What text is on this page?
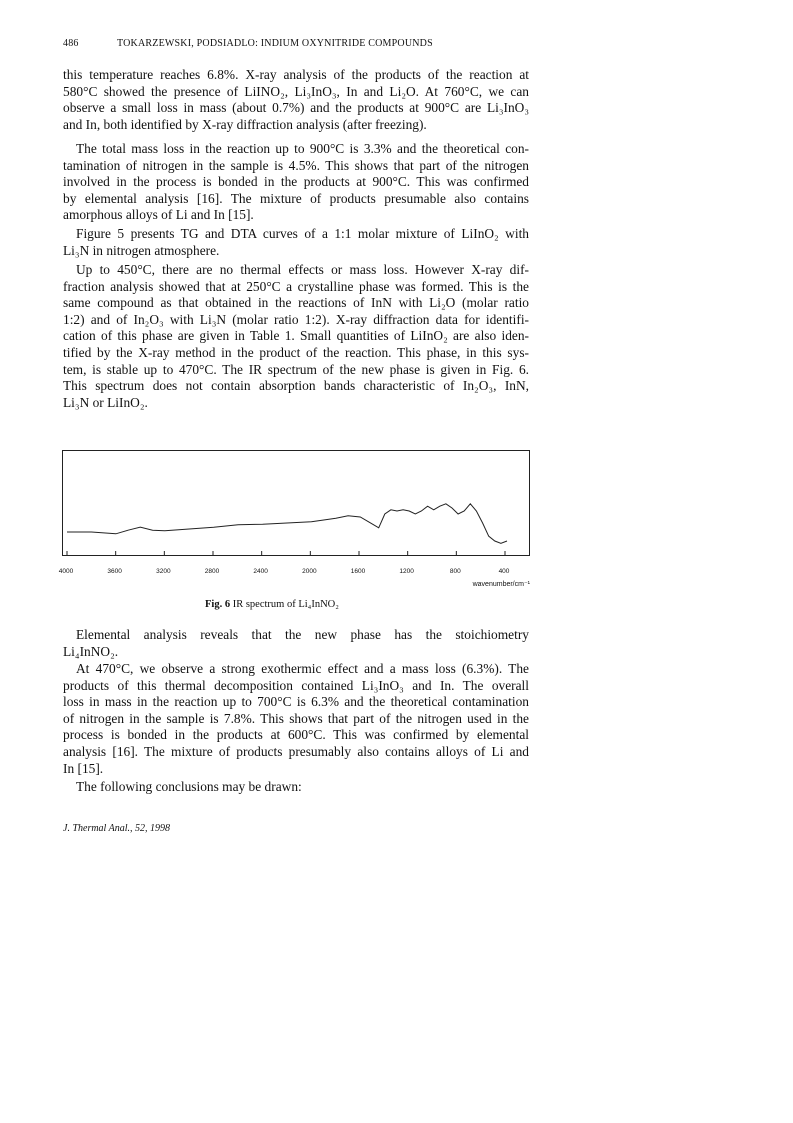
486	TOKARZEWSKI, PODSIADLO: INDIUM OXYNITRIDE COMPOUNDS
this temperature reaches 6.8%. X-ray analysis of the products of the reaction at
580°C showed the presence of LiINO₂, Li₃InO₃, In and Li₂O. At 760°C, we can
observe a small loss in mass (about 0.7%) and the products at 900°C are Li₃InO₃
and In, both identified by X-ray diffraction analysis (after freezing).
The total mass loss in the reaction up to 900°C is 3.3% and the theoretical con-
tamination of nitrogen in the sample is 4.5%. This shows that part of the nitrogen
involved in the process is bonded in the products at 900°C. This was confirmed
by elemental analysis [16]. The mixture of products presumable also contains
amorphous alloys of Li and In [15].
Figure 5 presents TG and DTA curves of a 1:1 molar mixture of LiInO₂ with
Li₃N in nitrogen atmosphere.
Up to 450°C, there are no thermal effects or mass loss. However X-ray dif-
fraction analysis showed that at 250°C a crystalline phase was formed. This is the
same compound as that obtained in the reactions of InN with Li₂O (molar ratio
1:2) and of In₂O₃ with Li₃N (molar ratio 1:2). X-ray diffraction data for identifi-
cation of this phase are given in Table 1. Small quantities of LiInO₂ are also iden-
tified by the X-ray method in the product of the reaction. This phase, in this sys-
tem, is stable up to 470°C. The IR spectrum of the new phase is given in Fig. 6.
This spectrum does not contain absorption bands characteristic of In₂O₃, InN,
Li₃N or LiInO₂.
wavenumber/cm⁻¹
4000	3600	3200	2800	2400	2000	1600	1200	800	400
Fig. 6 IR spectrum of Li₄InNO₂
Elemental analysis reveals that the new phase has the stoichiometry
Li₄InNO₂.
At 470°C, we observe a strong exothermic effect and a mass loss (6.3%). The
products of this thermal decomposition contained Li₃InO₃ and In. The overall
loss in mass in the reaction up to 700°C is 6.3% and the theoretical contamination
of nitrogen in the sample is 7.8%. This shows that part of the nitrogen used in the
process is bonded in the products at 600°C. This was confirmed by elemental
analysis [16]. The mixture of products presumably also contains alloys of Li and
In [15].
The following conclusions may be drawn:
J. Thermal Anal., 52, 1998
